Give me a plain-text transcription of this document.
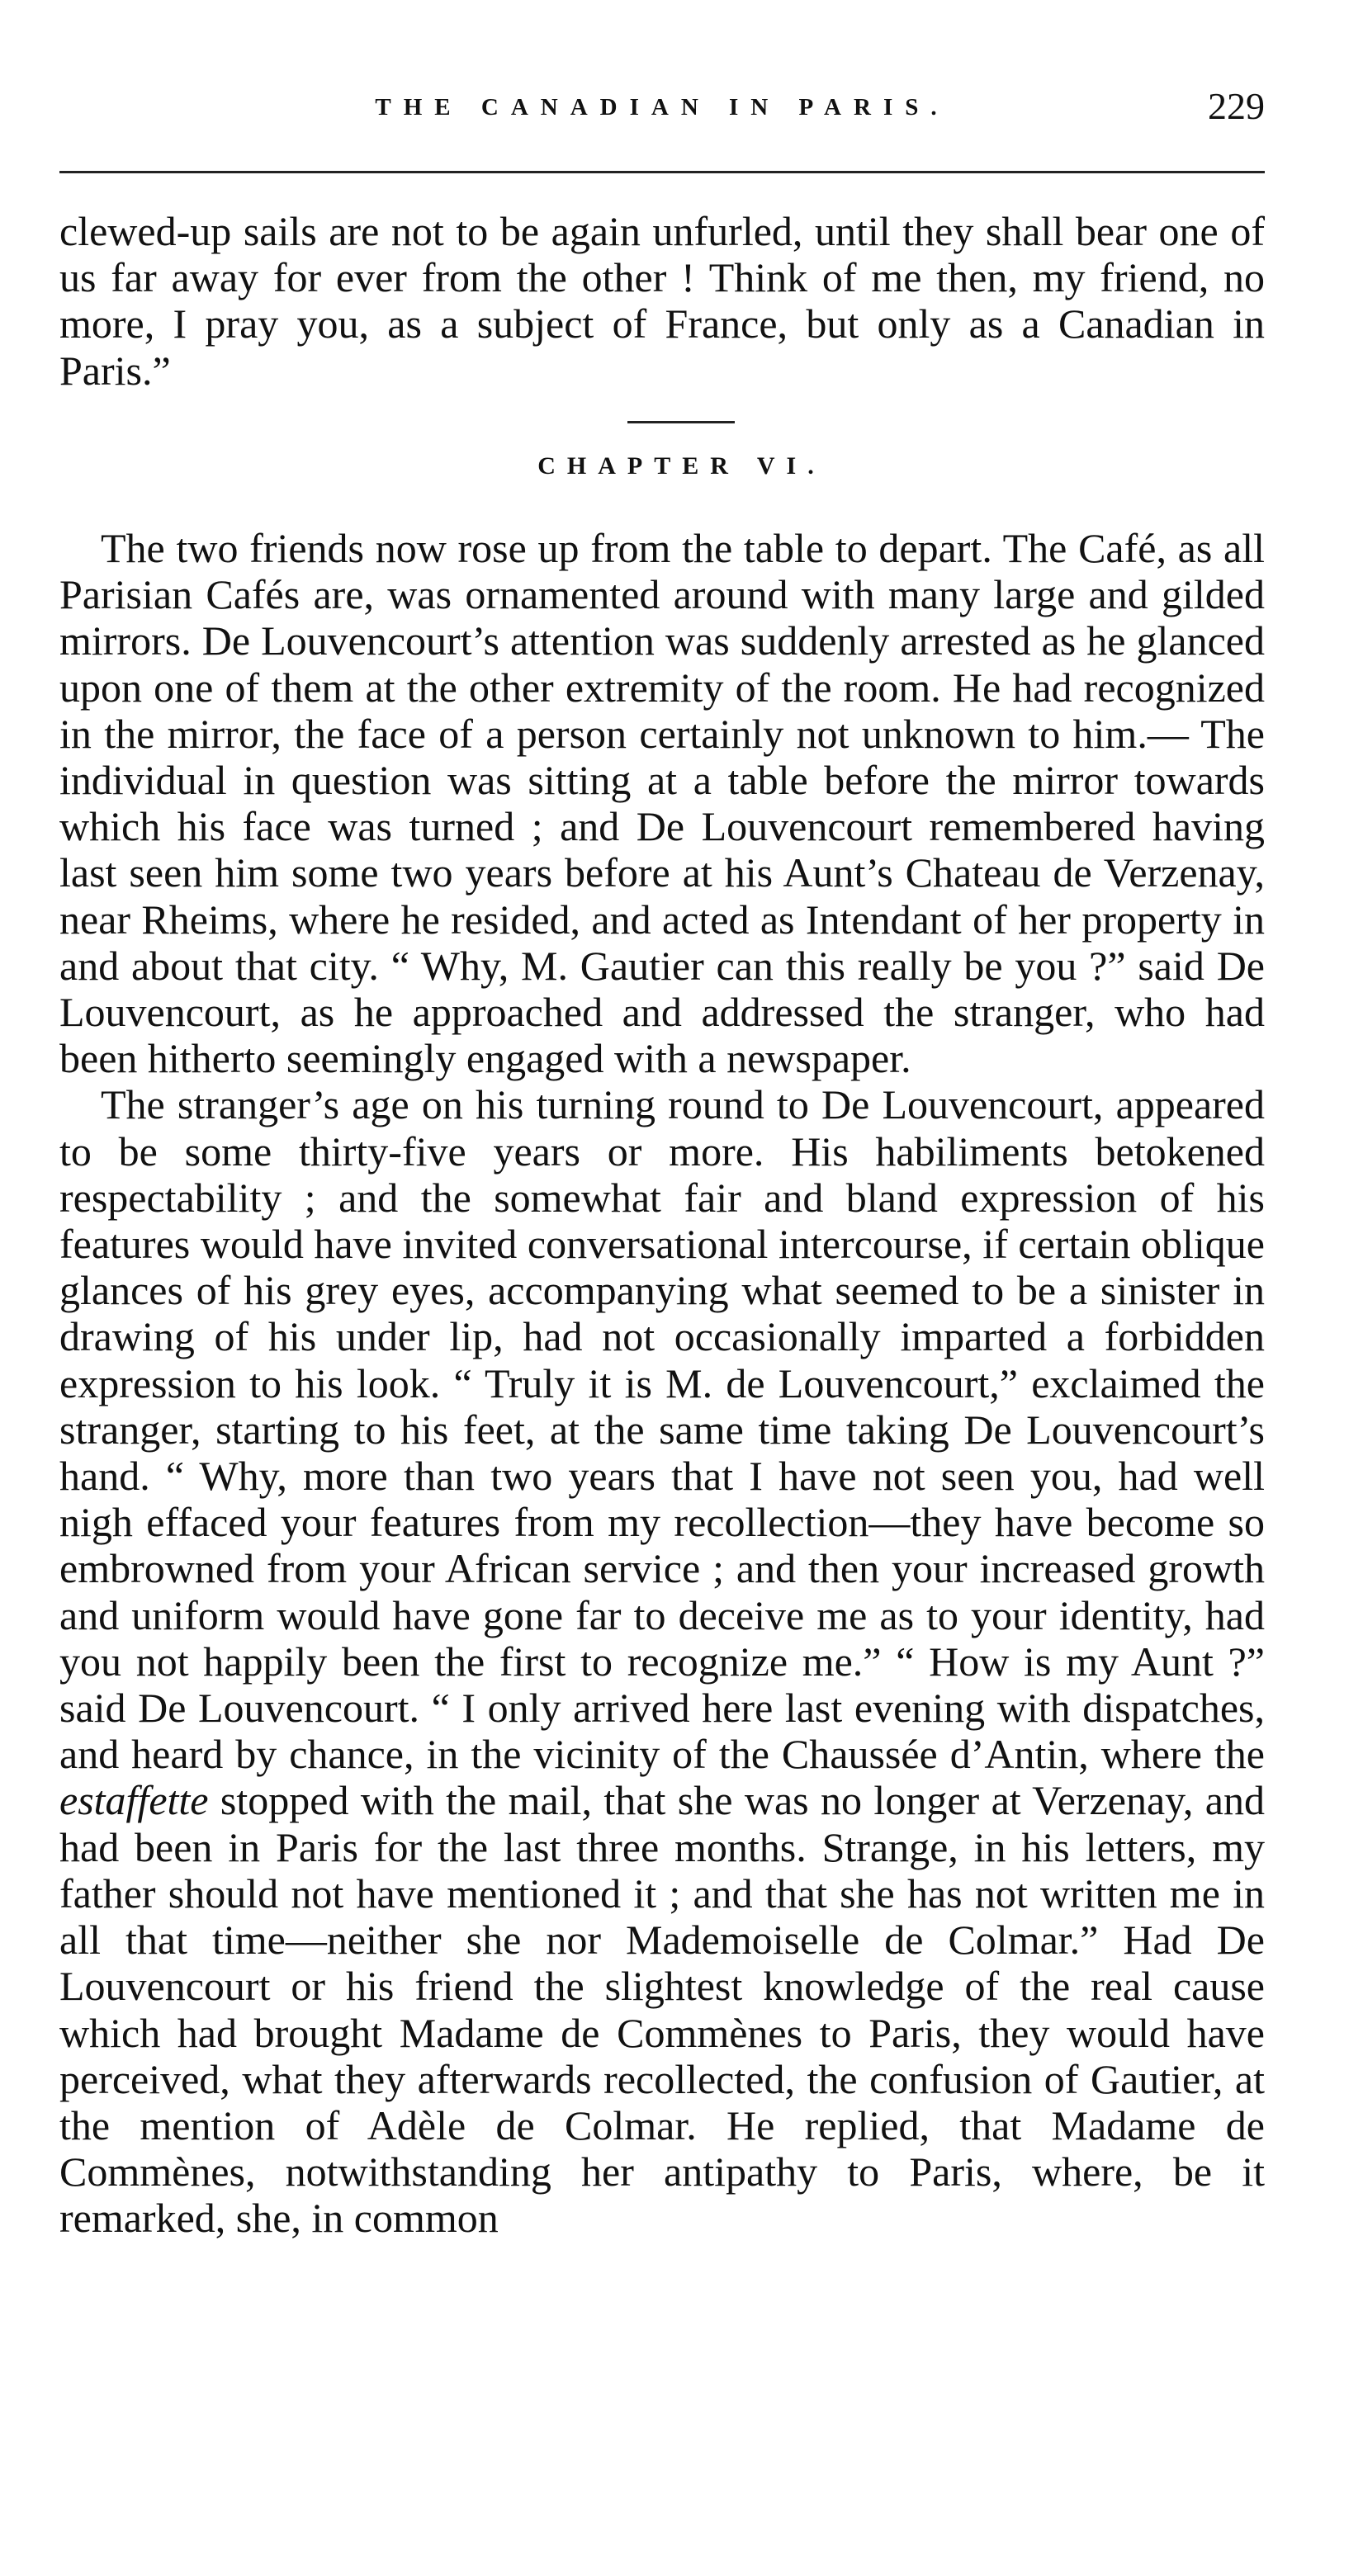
THE CANADIAN IN PARIS.	229

clewed-up sails are not to be again unfurled, until they shall bear one of us far away for ever from the other ! Think of me then, my friend, no more, I pray you, as a subject of France, but only as a Canadian in Paris.”

CHAPTER VI.

The two friends now rose up from the table to depart. The Café, as all Parisian Cafés are, was ornamented around with many large and gilded mirrors. De Louvencourt’s attention was suddenly arrested as he glanced upon one of them at the other extremity of the room. He had recognized in the mirror, the face of a person certainly not unknown to him.— The individual in question was sitting at a table before the mirror towards which his face was turned ; and De Louvencourt remembered having last seen him some two years before at his Aunt’s Chateau de Verzenay, near Rheims, where he resided, and acted as Intendant of her property in and about that city. “ Why, M. Gautier can this really be you ?” said De Louvencourt, as he approached and addressed the stranger, who had been hitherto seemingly engaged with a newspaper.

The stranger’s age on his turning round to De Louvencourt, appeared to be some thirty-five years or more. His habiliments betokened respectability ; and the somewhat fair and bland expression of his features would have invited conversational intercourse, if certain oblique glances of his grey eyes, accompanying what seemed to be a sinister in drawing of his under lip, had not occasionally imparted a forbidden expression to his look. “ Truly it is M. de Louvencourt,” exclaimed the stranger, starting to his feet, at the same time taking De Louvencourt’s hand. “ Why, more than two years that I have not seen you, had well nigh effaced your features from my recollection—they have become so embrowned from your African service ; and then your increased growth and uniform would have gone far to deceive me as to your identity, had you not happily been the first to recognize me.” “ How is my Aunt ?” said De Louvencourt. “ I only arrived here last evening with dispatches, and heard by chance, in the vicinity of the Chaussée d’Antin, where the estaffette stopped with the mail, that she was no longer at Verzenay, and had been in Paris for the last three months. Strange, in his letters, my father should not have mentioned it ; and that she has not written me in all that time—neither she nor Mademoiselle de Colmar.” Had De Louvencourt or his friend the slightest knowledge of the real cause which had brought Madame de Commènes to Paris, they would have perceived, what they afterwards recollected, the confusion of Gautier, at the mention of Adèle de Colmar. He replied, that Madame de Commènes, notwithstanding her antipathy to Paris, where, be it remarked, she, in common
